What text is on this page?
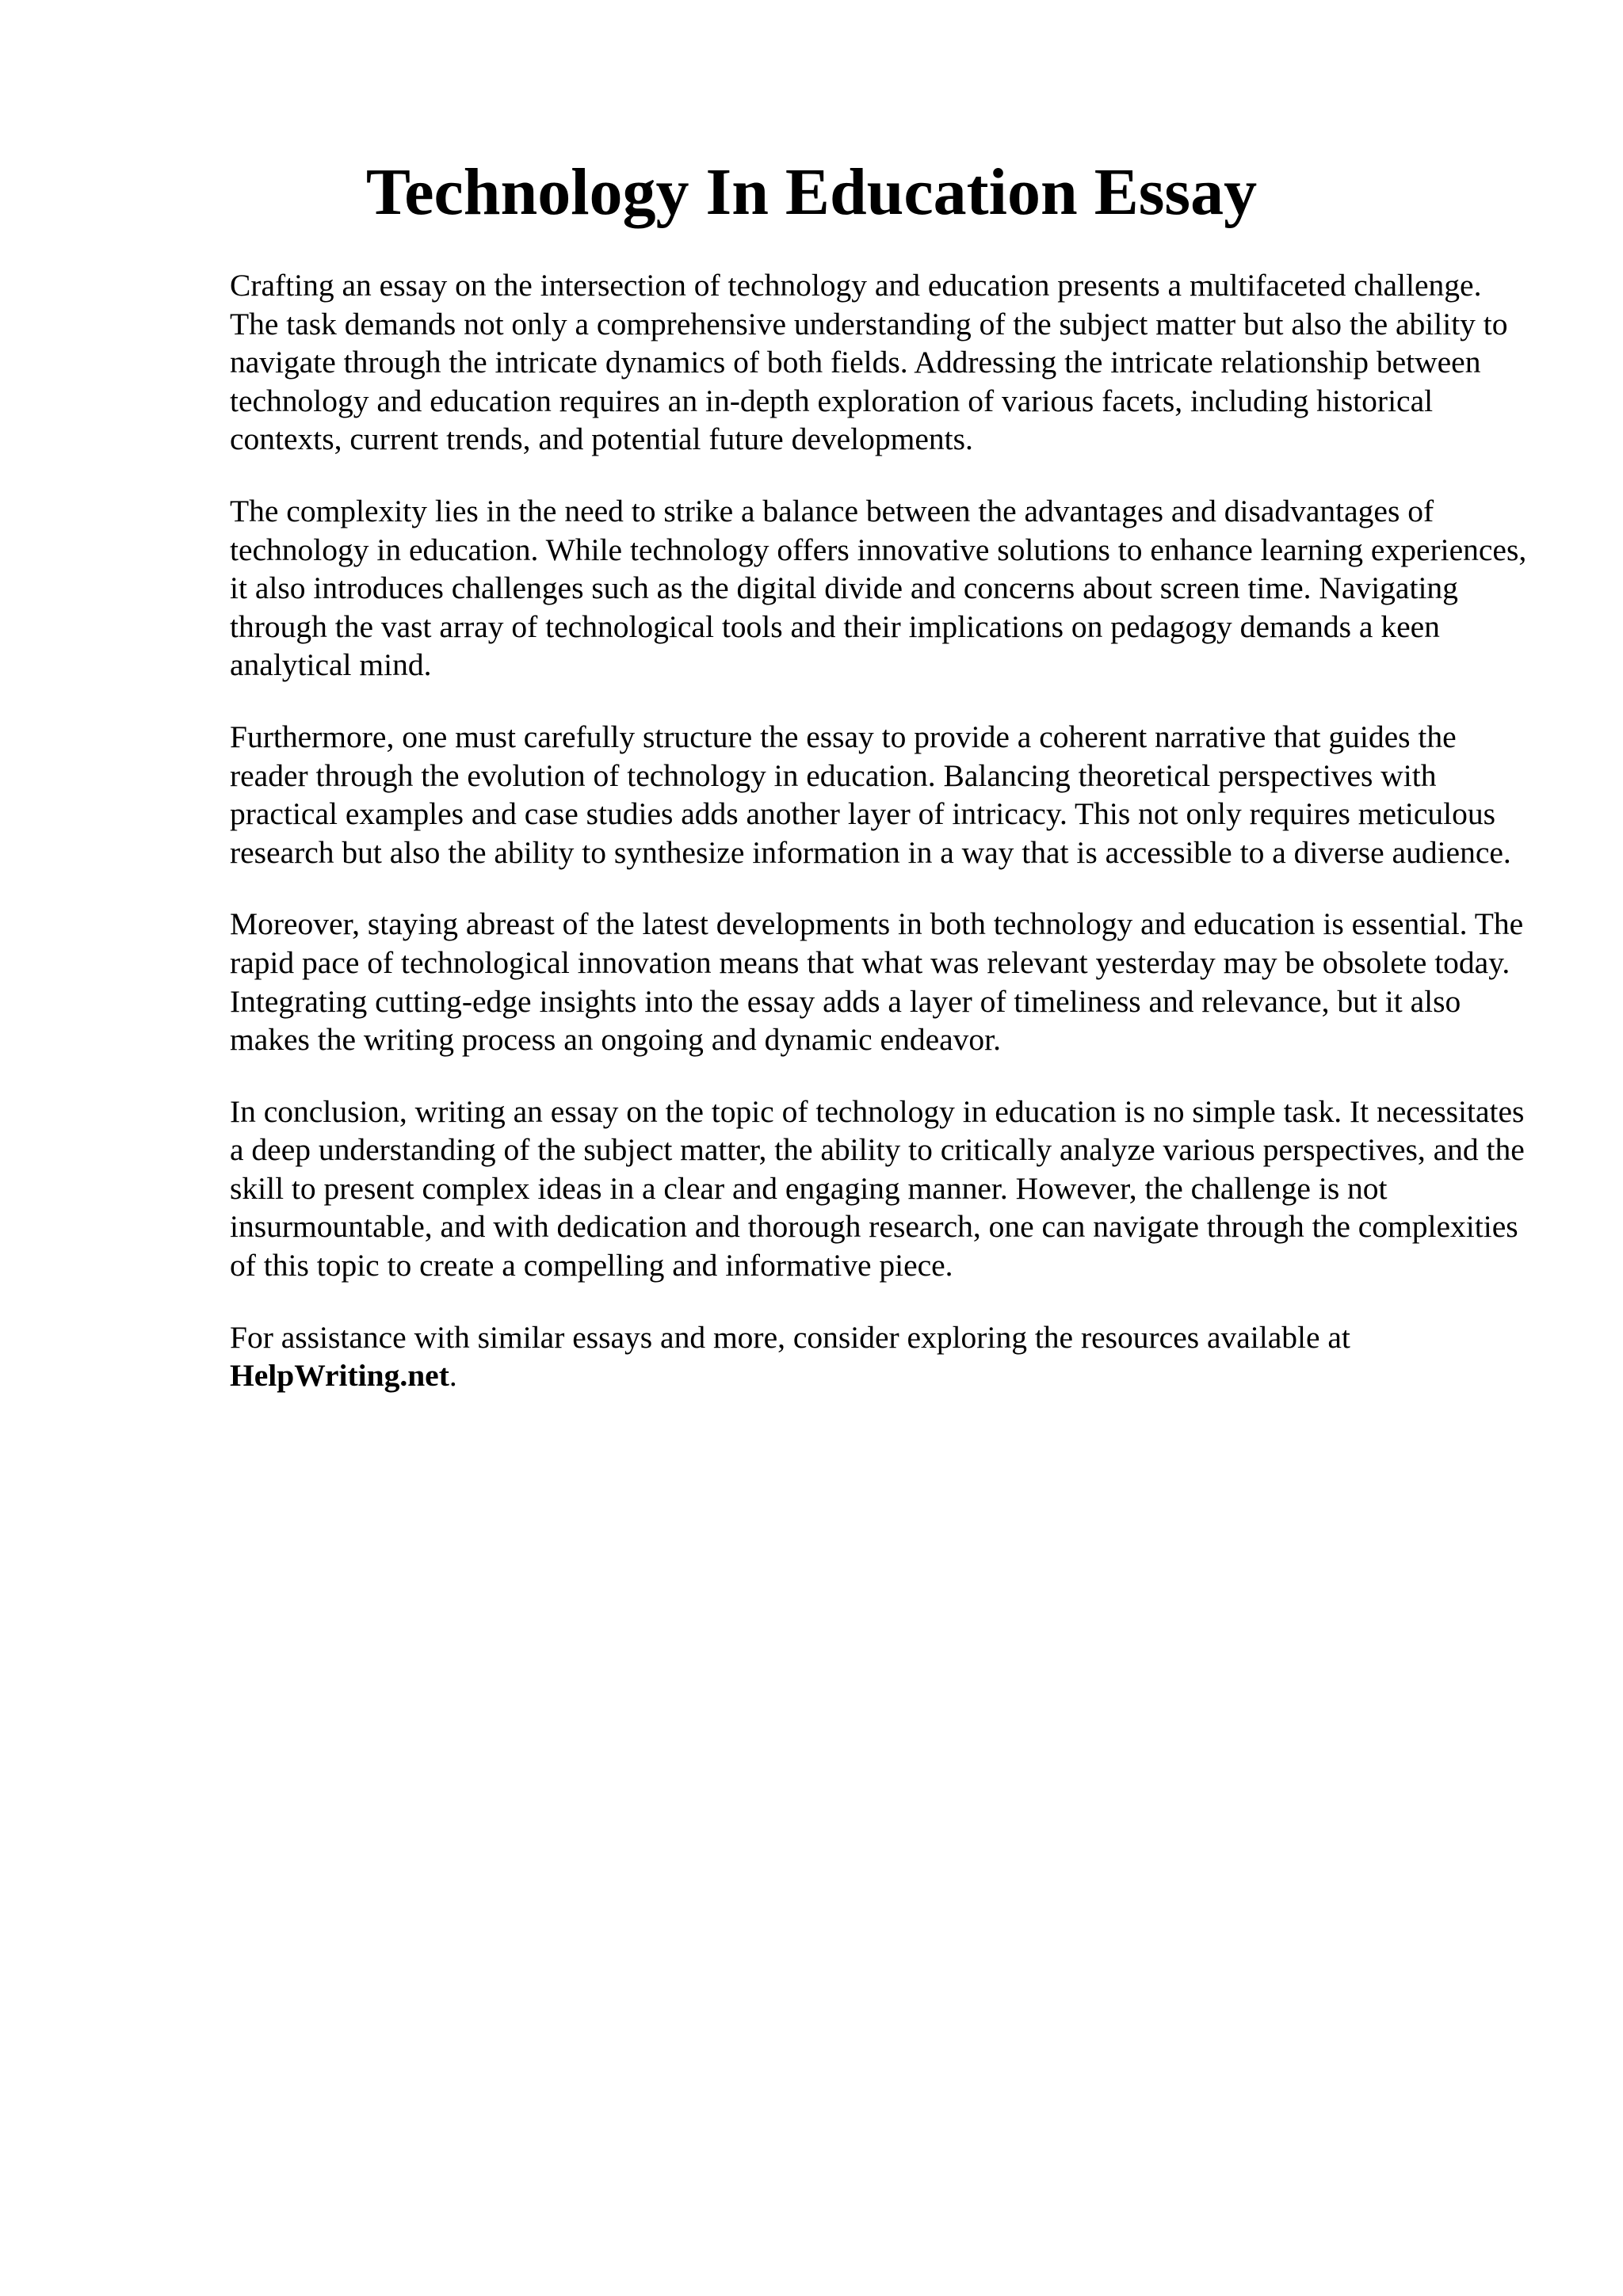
Technology In Education Essay

Crafting an essay on the intersection of technology and education presents a multifaceted challenge. The task demands not only a comprehensive understanding of the subject matter but also the ability to navigate through the intricate dynamics of both fields. Addressing the intricate relationship between technology and education requires an in-depth exploration of various facets, including historical contexts, current trends, and potential future developments.

The complexity lies in the need to strike a balance between the advantages and disadvantages of technology in education. While technology offers innovative solutions to enhance learning experiences, it also introduces challenges such as the digital divide and concerns about screen time. Navigating through the vast array of technological tools and their implications on pedagogy demands a keen analytical mind.

Furthermore, one must carefully structure the essay to provide a coherent narrative that guides the reader through the evolution of technology in education. Balancing theoretical perspectives with practical examples and case studies adds another layer of intricacy. This not only requires meticulous research but also the ability to synthesize information in a way that is accessible to a diverse audience.

Moreover, staying abreast of the latest developments in both technology and education is essential. The rapid pace of technological innovation means that what was relevant yesterday may be obsolete today. Integrating cutting-edge insights into the essay adds a layer of timeliness and relevance, but it also makes the writing process an ongoing and dynamic endeavor.

In conclusion, writing an essay on the topic of technology in education is no simple task. It necessitates a deep understanding of the subject matter, the ability to critically analyze various perspectives, and the skill to present complex ideas in a clear and engaging manner. However, the challenge is not insurmountable, and with dedication and thorough research, one can navigate through the complexities of this topic to create a compelling and informative piece.

For assistance with similar essays and more, consider exploring the resources available at
HelpWriting.net.
